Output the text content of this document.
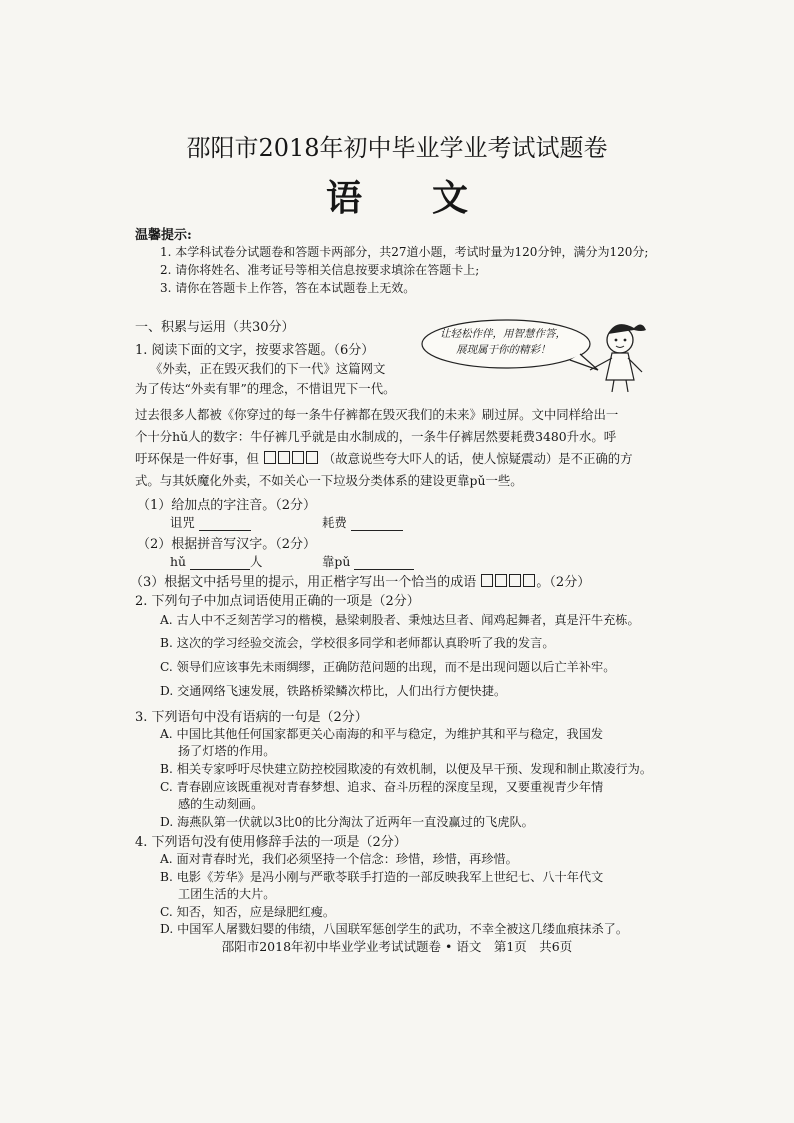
邵阳市2018年初中毕业学业考试试题卷
语文
温馨提示:
1. 本学科试卷分试题卷和答题卡两部分，共27道小题，考试时量为120分钟，满分为120分;
2. 请你将姓名、准考证号等相关信息按要求填涂在答题卡上;
3. 请你在答题卡上作答，答在本试题卷上无效。
一、积累与运用（共30分）	让轻松作伴，用智慧作答，
展现属于你的精彩！
1. 阅读下面的文字，按要求答题。（6分）
《外卖，正在毁灭我们的下一代》这篇网文
为了传达“外卖有罪”的理念，不惜诅咒下一代。
过去很多人都被《你穿过的每一条牛仔裤都在毁灭我们的未来》刷过屏。文中同样给出一
个十分hǔ人的数字：牛仔裤几乎就是由水制成的，一条牛仔裤居然要耗费3480升水。呼
吁环保是一件好事，但	（故意说些夸大吓人的话，使人惊疑震动）是不正确的方
式。与其妖魔化外卖，不如关心一下垃圾分类体系的建设更靠pǔ一些。
（1）给加点的字注音。（2分）
诅咒	耗费
（2）根据拼音写汉字。（2分）
hǔ	人	靠pǔ
（3）根据文中括号里的提示，用正楷字写出一个恰当的成语	。（2分）
2. 下列句子中加点词语使用正确的一项是（2分）
A. 古人中不乏刻苦学习的楷模，悬梁刺股者、秉烛达旦者、闻鸡起舞者，真是汗牛充栋。
B. 这次的学习经验交流会，学校很多同学和老师都认真聆听了我的发言。
C. 领导们应该事先未雨绸缪，正确防范问题的出现，而不是出现问题以后亡羊补牢。
D. 交通网络飞速发展，铁路桥梁鳞次栉比，人们出行方便快捷。
3. 下列语句中没有语病的一句是（2分）
A. 中国比其他任何国家都更关心南海的和平与稳定，为维护其和平与稳定，我国发
扬了灯塔的作用。
B. 相关专家呼吁尽快建立防控校园欺凌的有效机制，以便及早干预、发现和制止欺凌行为。
C. 青春剧应该既重视对青春梦想、追求、奋斗历程的深度呈现，又要重视青少年情
感的生动刻画。
D. 海燕队第一伏就以3比0的比分淘汰了近两年一直没赢过的飞虎队。
4. 下列语句没有使用修辞手法的一项是（2分）
A. 面对青春时光，我们必须坚持一个信念：珍惜，珍惜，再珍惜。
B. 电影《芳华》是冯小刚与严歌苓联手打造的一部反映我军上世纪七、八十年代文
工团生活的大片。
C. 知否，知否，应是绿肥红瘦。
D. 中国军人屠戮妇婴的伟绩，八国联军惩创学生的武功，不幸全被这几缕血痕抹杀了。
邵阳市2018年初中毕业学业考试试题卷 • 语文　第1页　共6页
